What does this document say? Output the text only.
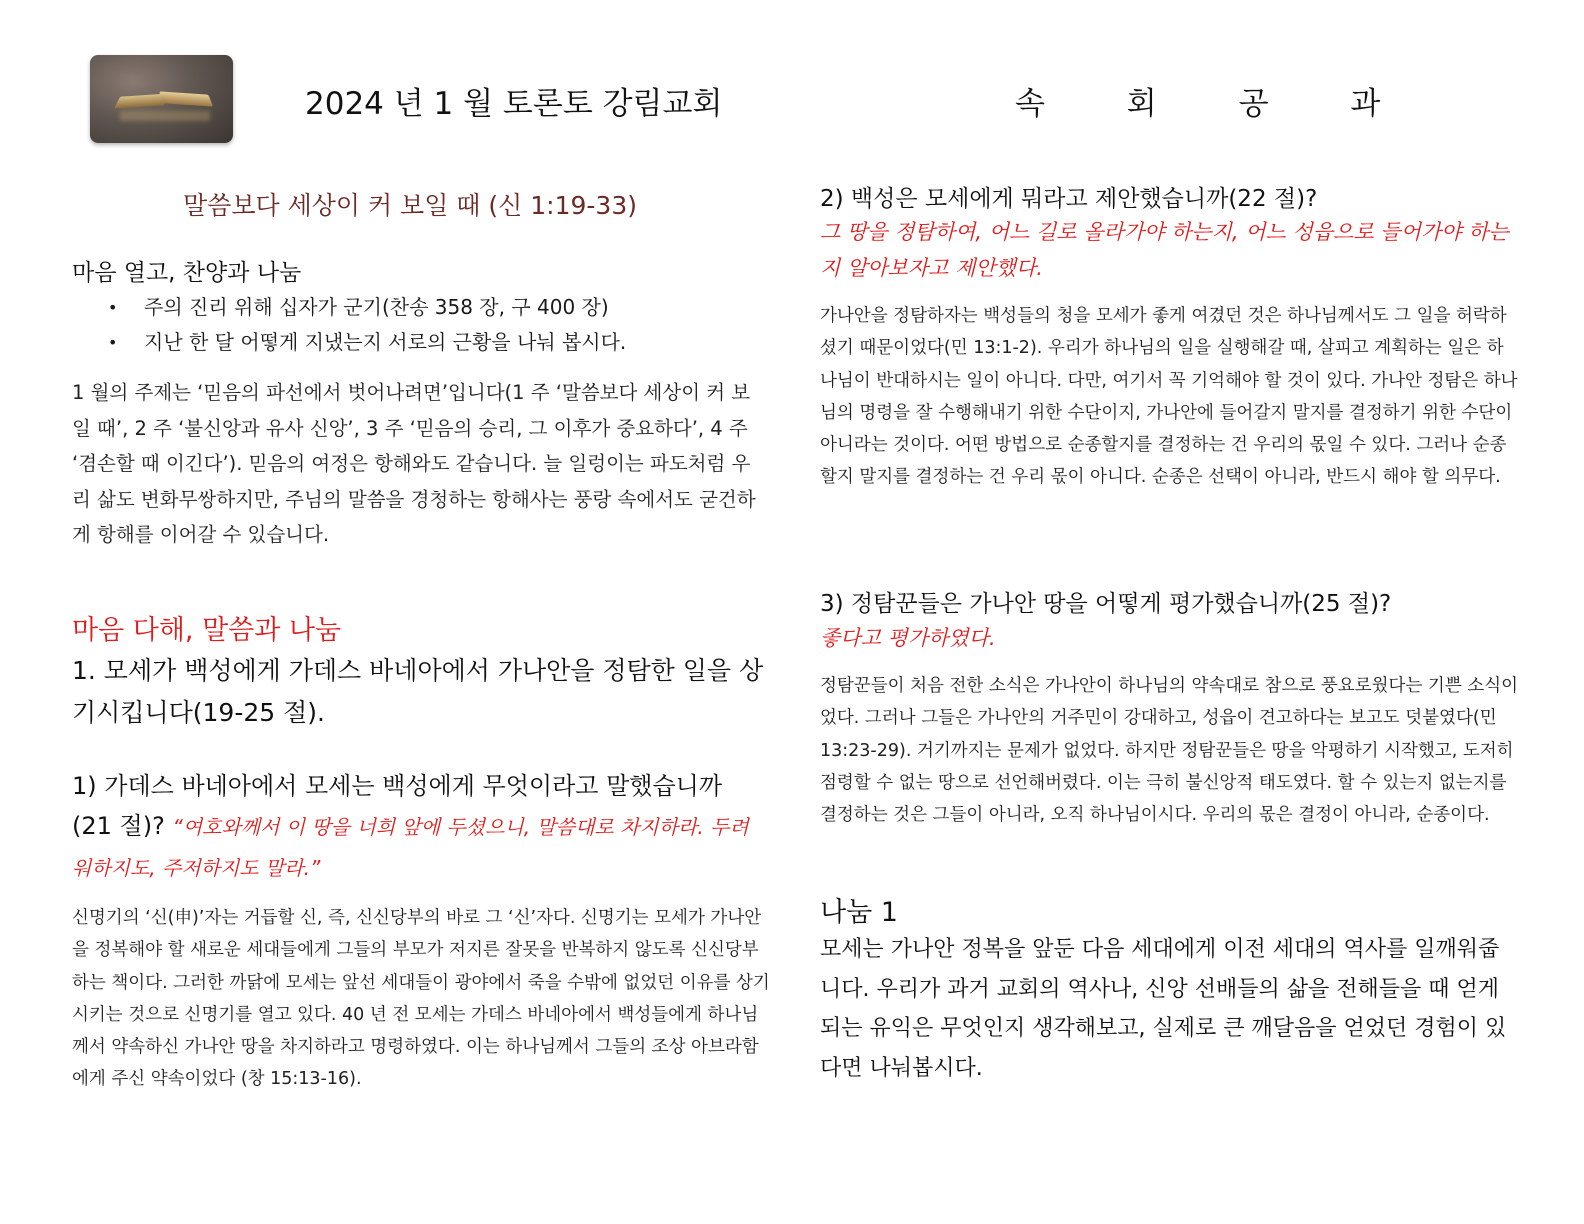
2024 년 1 월 토론토 강림교회	속 회 공 과
말씀보다 세상이 커 보일 때 (신 1:19-33)
마음 열고, 찬양과 나눔
• 주의 진리 위해 십자가 군기(찬송 358 장, 구 400 장)
• 지난 한 달 어떻게 지냈는지 서로의 근황을 나눠 봅시다.
1 월의 주제는 ‘믿음의 파선에서 벗어나려면’입니다(1 주 ‘말씀보다 세상이 커 보일 때’, 2 주 ‘불신앙과 유사 신앙’, 3 주 ‘믿음의 승리, 그 이후가 중요하다’, 4 주 ‘겸손할 때 이긴다’). 믿음의 여정은 항해와도 같습니다. 늘 일렁이는 파도처럼 우리 삶도 변화무쌍하지만, 주님의 말씀을 경청하는 항해사는 풍랑 속에서도 굳건하게 항해를 이어갈 수 있습니다.
마음 다해, 말씀과 나눔
1. 모세가 백성에게 가데스 바네아에서 가나안을 정탐한 일을 상기시킵니다(19-25 절).
1) 가데스 바네아에서 모세는 백성에게 무엇이라고 말했습니까 (21 절)? “여호와께서 이 땅을 너희 앞에 두셨으니, 말씀대로 차지하라. 두려워하지도, 주저하지도 말라.”
신명기의 ‘신(申)’자는 거듭할 신, 즉, 신신당부의 바로 그 ‘신’자다. 신명기는 모세가 가나안을 정복해야 할 새로운 세대들에게 그들의 부모가 저지른 잘못을 반복하지 않도록 신신당부하는 책이다. 그러한 까닭에 모세는 앞선 세대들이 광야에서 죽을 수밖에 없었던 이유를 상기시키는 것으로 신명기를 열고 있다. 40 년 전 모세는 가데스 바네아에서 백성들에게 하나님께서 약속하신 가나안 땅을 차지하라고 명령하였다. 이는 하나님께서 그들의 조상 아브라함에게 주신 약속이었다 (창 15:13-16).
2) 백성은 모세에게 뭐라고 제안했습니까(22 절)?
그 땅을 정탐하여, 어느 길로 올라가야 하는지, 어느 성읍으로 들어가야 하는지 알아보자고 제안했다.
가나안을 정탐하자는 백성들의 청을 모세가 좋게 여겼던 것은 하나님께서도 그 일을 허락하셨기 때문이었다(민 13:1-2). 우리가 하나님의 일을 실행해갈 때, 살피고 계획하는 일은 하나님이 반대하시는 일이 아니다. 다만, 여기서 꼭 기억해야 할 것이 있다. 가나안 정탐은 하나님의 명령을 잘 수행해내기 위한 수단이지, 가나안에 들어갈지 말지를 결정하기 위한 수단이 아니라는 것이다. 어떤 방법으로 순종할지를 결정하는 건 우리의 몫일 수 있다. 그러나 순종할지 말지를 결정하는 건 우리 몫이 아니다. 순종은 선택이 아니라, 반드시 해야 할 의무다.
3) 정탐꾼들은 가나안 땅을 어떻게 평가했습니까(25 절)?
좋다고 평가하였다.
정탐꾼들이 처음 전한 소식은 가나안이 하나님의 약속대로 참으로 풍요로웠다는 기쁜 소식이었다. 그러나 그들은 가나안의 거주민이 강대하고, 성읍이 견고하다는 보고도 덧붙였다(민 13:23-29). 거기까지는 문제가 없었다. 하지만 정탐꾼들은 땅을 악평하기 시작했고, 도저히 점령할 수 없는 땅으로 선언해버렸다. 이는 극히 불신앙적 태도였다. 할 수 있는지 없는지를 결정하는 것은 그들이 아니라, 오직 하나님이시다. 우리의 몫은 결정이 아니라, 순종이다.
나눔 1
모세는 가나안 정복을 앞둔 다음 세대에게 이전 세대의 역사를 일깨워줍니다. 우리가 과거 교회의 역사나, 신앙 선배들의 삶을 전해들을 때 얻게 되는 유익은 무엇인지 생각해보고, 실제로 큰 깨달음을 얻었던 경험이 있다면 나눠봅시다.
